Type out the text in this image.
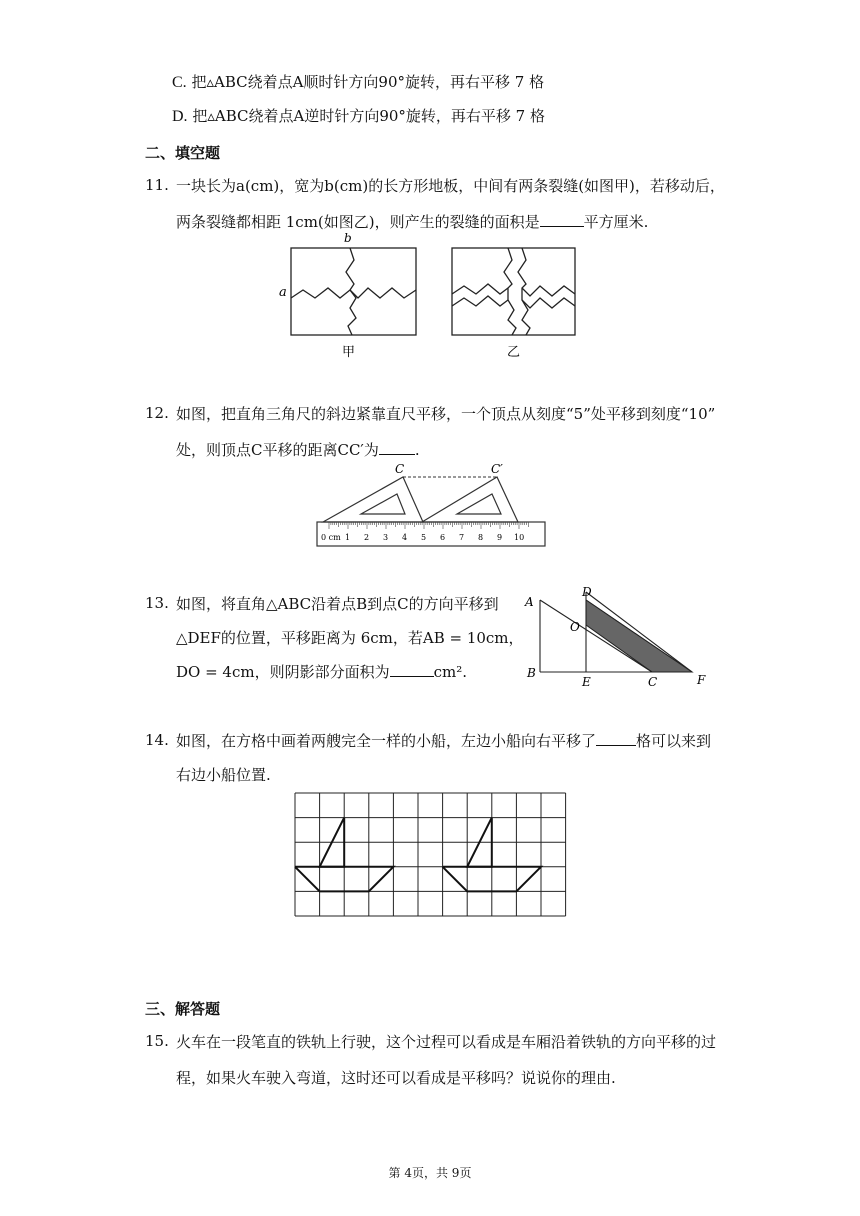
C. 把▵ABC绕着点A顺时针方向90°旋转，再右平移 7 格
D. 把▵ABC绕着点A逆时针方向90°旋转，再右平移 7 格
二、填空题
11. 一块长为a(cm)，宽为b(cm)的长方形地板，中间有两条裂缝(如图甲)，若移动后，
两条裂缝都相距 1cm(如图乙)，则产生的裂缝的面积是	平方厘米.
b
a
甲	乙
12. 如图，把直角三角尺的斜边紧靠直尺平移，一个顶点从刻度“5”处平移到刻度“10”
处，则顶点C平移的距离CC′为 .
C	C′
0 cm	2 3 4 5 6 7 8 9 10
1
13. 如图，将直角△ABC沿着点B到点C的方向平移到
△DEF的位置，平移距离为 6cm，若AB = 10cm，
DO = 4cm，则阴影部分面积为	cm².
A
B
D
O
E	C	F
14. 如图，在方格中画着两艘完全一样的小船，左边小船向右平移了	格可以来到
右边小船位置.
三、解答题
15. 火车在一段笔直的铁轨上行驶，这个过程可以看成是车厢沿着铁轨的方向平移的过
程，如果火车驶入弯道，这时还可以看成是平移吗？说说你的理由.
第 4页，共 9页
